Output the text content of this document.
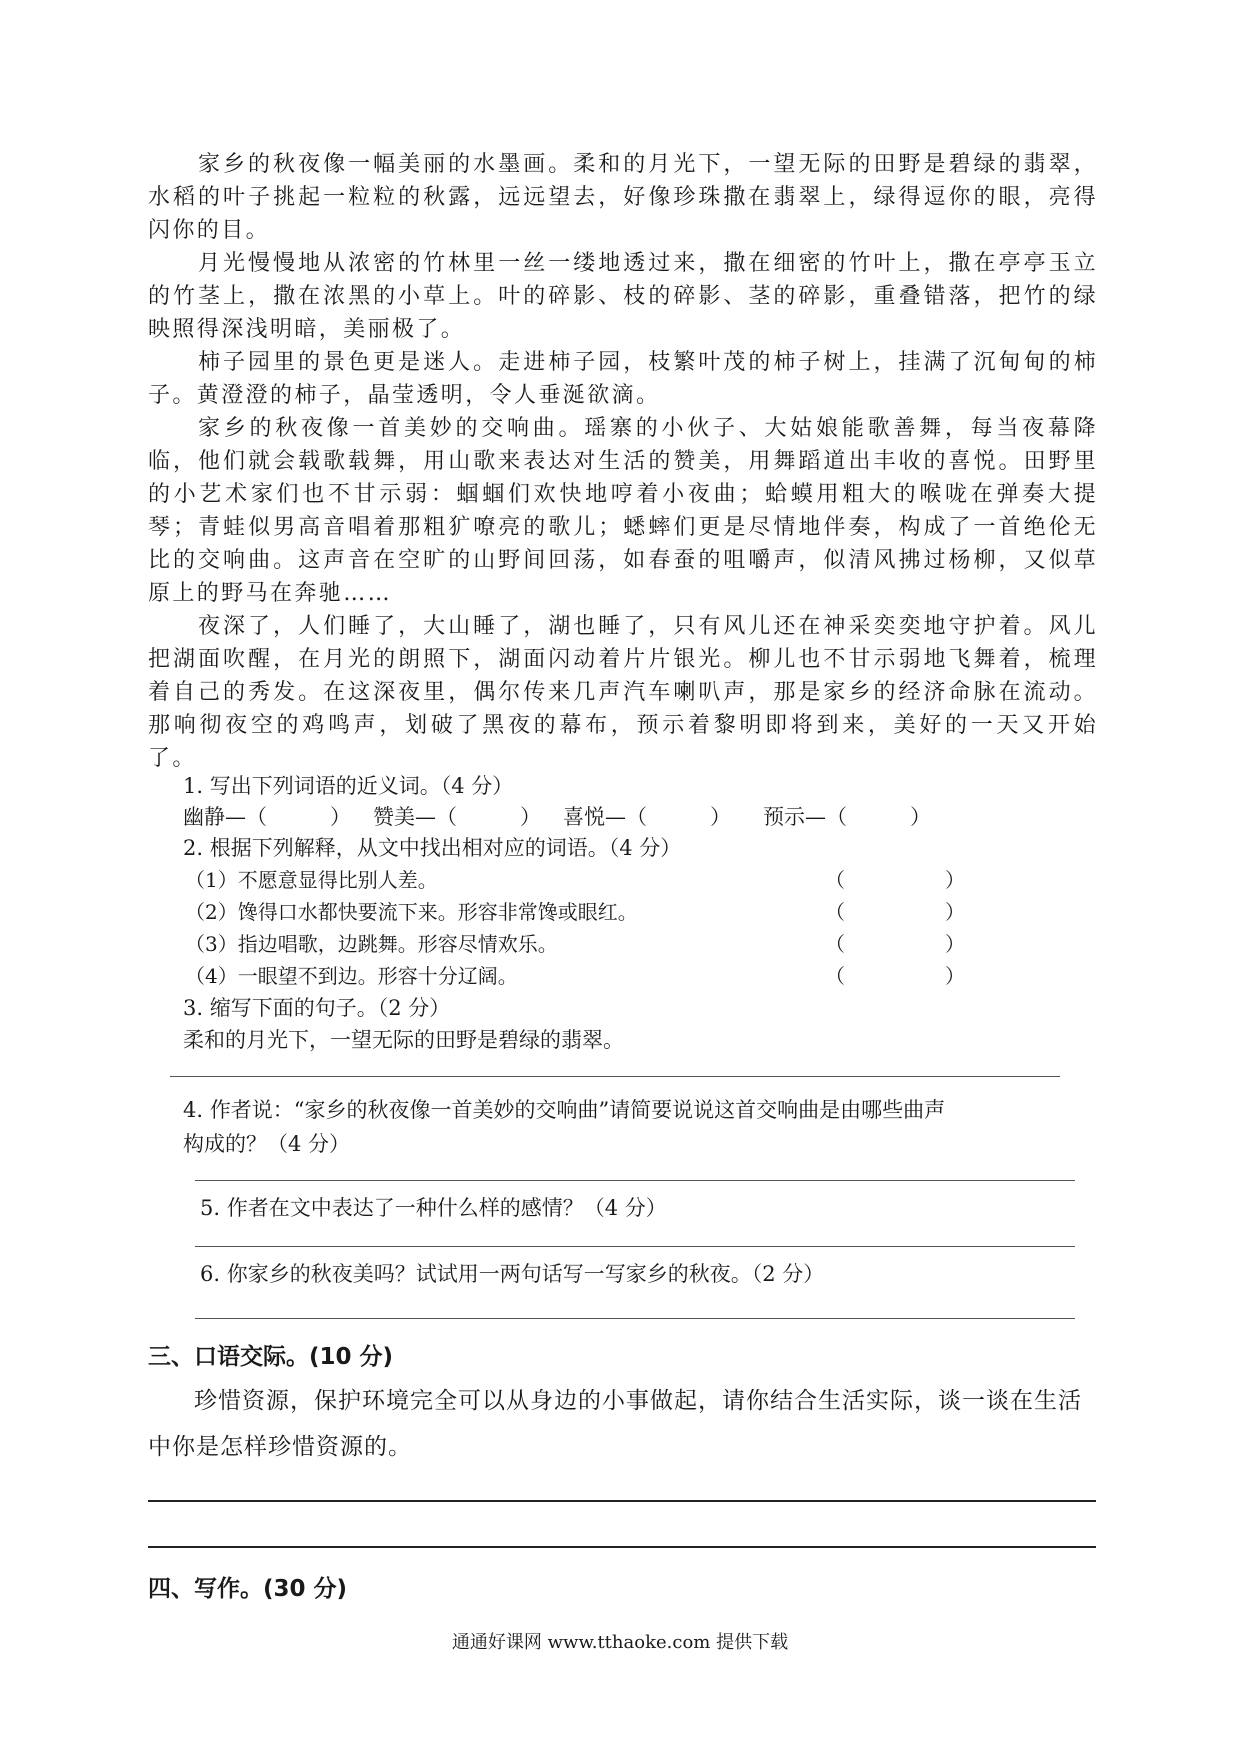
家乡的秋夜像一幅美丽的水墨画。柔和的月光下，一望无际的田野是碧绿的翡翠，水稻的叶子挑起一粒粒的秋露，远远望去，好像珍珠撒在翡翠上，绿得逗你的眼，亮得闪你的目。

月光慢慢地从浓密的竹林里一丝一缕地透过来，撒在细密的竹叶上，撒在亭亭玉立的竹茎上，撒在浓黑的小草上。叶的碎影、枝的碎影、茎的碎影，重叠错落，把竹的绿映照得深浅明暗，美丽极了。

柿子园里的景色更是迷人。走进柿子园，枝繁叶茂的柿子树上，挂满了沉甸甸的柿子。黄澄澄的柿子，晶莹透明，令人垂涎欲滴。

家乡的秋夜像一首美妙的交响曲。瑶寨的小伙子、大姑娘能歌善舞，每当夜幕降临，他们就会载歌载舞，用山歌来表达对生活的赞美，用舞蹈道出丰收的喜悦。田野里的小艺术家们也不甘示弱：蝈蝈们欢快地哼着小夜曲；蛤蟆用粗大的喉咙在弹奏大提琴；青蛙似男高音唱着那粗犷嘹亮的歌儿；蟋蟀们更是尽情地伴奏，构成了一首绝伦无比的交响曲。这声音在空旷的山野间回荡，如春蚕的咀嚼声，似清风拂过杨柳，又似草原上的野马在奔驰……

夜深了，人们睡了，大山睡了，湖也睡了，只有风儿还在神采奕奕地守护着。风儿把湖面吹醒，在月光的朗照下，湖面闪动着片片银光。柳儿也不甘示弱地飞舞着，梳理着自己的秀发。在这深夜里，偶尔传来几声汽车喇叭声，那是家乡的经济命脉在流动。那响彻夜空的鸡鸣声，划破了黑夜的幕布，预示着黎明即将到来，美好的一天又开始了。

1. 写出下列词语的近义词。（4 分）

幽静—（　　　）	赞美—（　　　）	喜悦—（　　　）	预示—（　　　）

2. 根据下列解释，从文中找出相对应的词语。（4 分）

（1）不愿意显得比别人差。	（　　　　　）
（2）馋得口水都快要流下来。形容非常馋或眼红。	（　　　　　）
（3）指边唱歌，边跳舞。形容尽情欢乐。	（　　　　　）
（4）一眼望不到边。形容十分辽阔。	（　　　　　）

3. 缩写下面的句子。（2 分）

柔和的月光下，一望无际的田野是碧绿的翡翠。

4. 作者说：“家乡的秋夜像一首美妙的交响曲”请简要说说这首交响曲是由哪些曲声

构成的？（4 分）

5. 作者在文中表达了一种什么样的感情？（4 分）

6. 你家乡的秋夜美吗？试试用一两句话写一写家乡的秋夜。（2 分）

三、口语交际。(10 分)

珍惜资源，保护环境完全可以从身边的小事做起，请你结合生活实际，谈一谈在生活中你是怎样珍惜资源的。

四、写作。(30 分)
通通好课网 www.tthaoke.com 提供下载
